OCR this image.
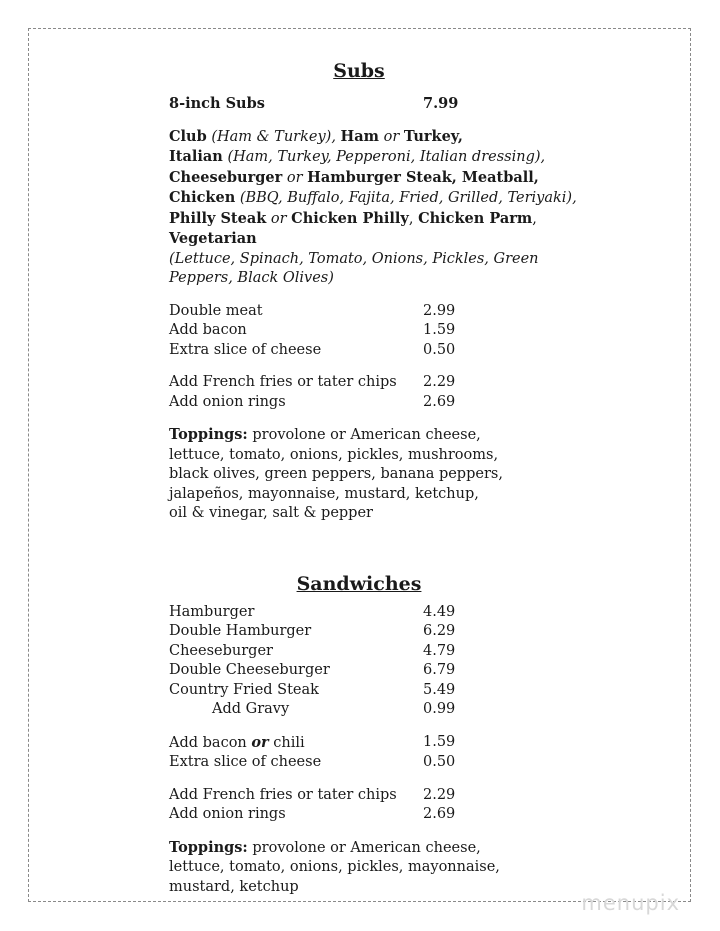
Subs
8-inch Subs	7.99

Club (Ham & Turkey), Ham or Turkey,
Italian (Ham, Turkey, Pepperoni, Italian dressing),
Cheeseburger or Hamburger Steak, Meatball,
Chicken (BBQ, Buffalo, Fajita, Fried, Grilled, Teriyaki),
Philly Steak or Chicken Philly, Chicken Parm,
Vegetarian (Lettuce, Spinach, Tomato, Onions, Pickles, Green Peppers, Black Olives)

Double meat	2.99
Add bacon	1.59
Extra slice of cheese	0.50
Add French fries or tater chips	2.29
Add onion rings	2.69

Toppings: provolone or American cheese,
lettuce, tomato, onions, pickles, mushrooms,
black olives, green peppers, banana peppers,
jalapeños, mayonnaise, mustard, ketchup,
oil & vinegar, salt & pepper

Sandwiches
Hamburger	4.49
Double Hamburger	6.29
Cheeseburger	4.79
Double Cheeseburger	6.79
Country Fried Steak	5.49
Add Gravy	0.99
Add bacon or chili	1.59
Extra slice of cheese	0.50
Add French fries or tater chips	2.29
Add onion rings	2.69

Toppings: provolone or American cheese,
lettuce, tomato, onions, pickles, mayonnaise,
mustard, ketchup

menupix
